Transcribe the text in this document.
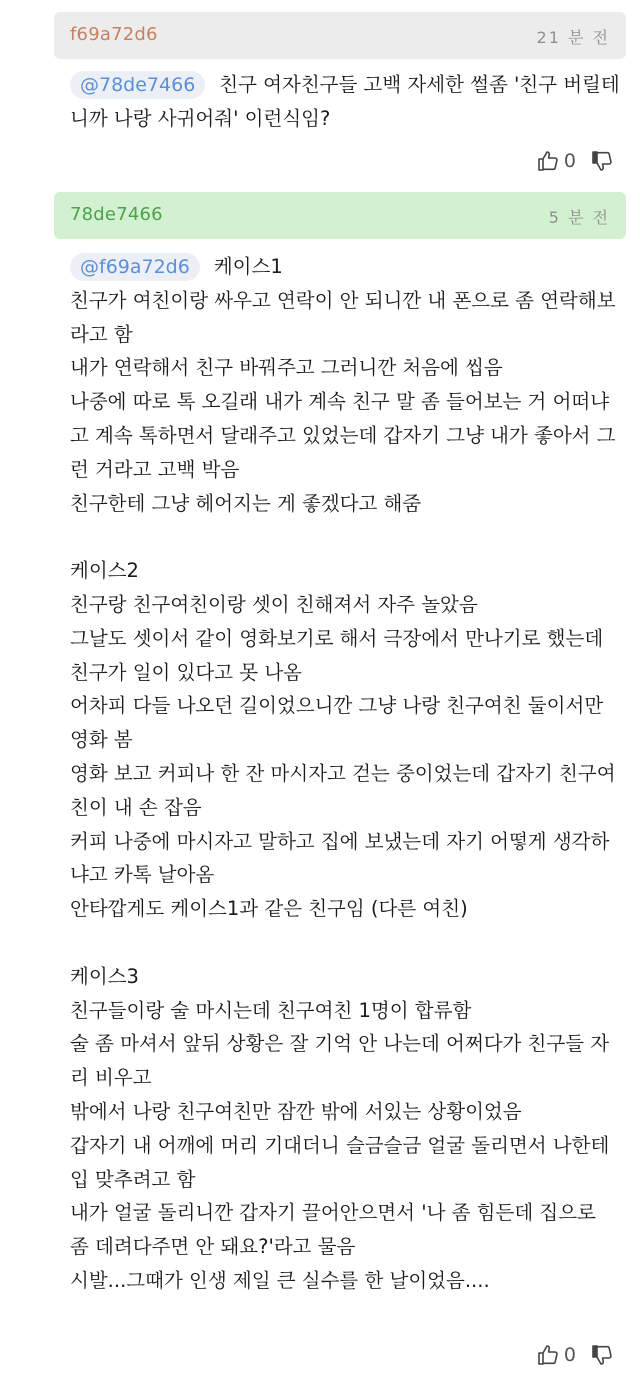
f69a72d6	21 분 전
@78de7466 친구 여자친구들 고백 자세한 썰좀 '친구 버릴테
니까 나랑 사귀어줘' 이런식임?
0
78de7466	5 분 전
@f69a72d6 케이스1
친구가 여친이랑 싸우고 연락이 안 되니깐 내 폰으로 좀 연락해보
라고 함
내가 연락해서 친구 바꿔주고 그러니깐 처음에 씹음
나중에 따로 톡 오길래 내가 계속 친구 말 좀 들어보는 거 어떠냐
고 계속 톡하면서 달래주고 있었는데 갑자기 그냥 내가 좋아서 그
런 거라고 고백 박음
친구한테 그냥 헤어지는 게 좋겠다고 해줌
케이스2
친구랑 친구여친이랑 셋이 친해져서 자주 놀았음
그날도 셋이서 같이 영화보기로 해서 극장에서 만나기로 했는데
친구가 일이 있다고 못 나옴
어차피 다들 나오던 길이었으니깐 그냥 나랑 친구여친 둘이서만
영화 봄
영화 보고 커피나 한 잔 마시자고 걷는 중이었는데 갑자기 친구여
친이 내 손 잡음
커피 나중에 마시자고 말하고 집에 보냈는데 자기 어떻게 생각하
냐고 카톡 날아옴
안타깝게도 케이스1과 같은 친구임 (다른 여친)
케이스3
친구들이랑 술 마시는데 친구여친 1명이 합류함
술 좀 마셔서 앞뒤 상황은 잘 기억 안 나는데 어쩌다가 친구들 자
리 비우고
밖에서 나랑 친구여친만 잠깐 밖에 서있는 상황이었음
갑자기 내 어깨에 머리 기대더니 슬금슬금 얼굴 돌리면서 나한테
입 맞추려고 함
내가 얼굴 돌리니깐 갑자기 끌어안으면서 '나 좀 힘든데 집으로
좀 데려다주면 안 돼요?'라고 물음
시발...그때가 인생 제일 큰 실수를 한 날이었음....
0
